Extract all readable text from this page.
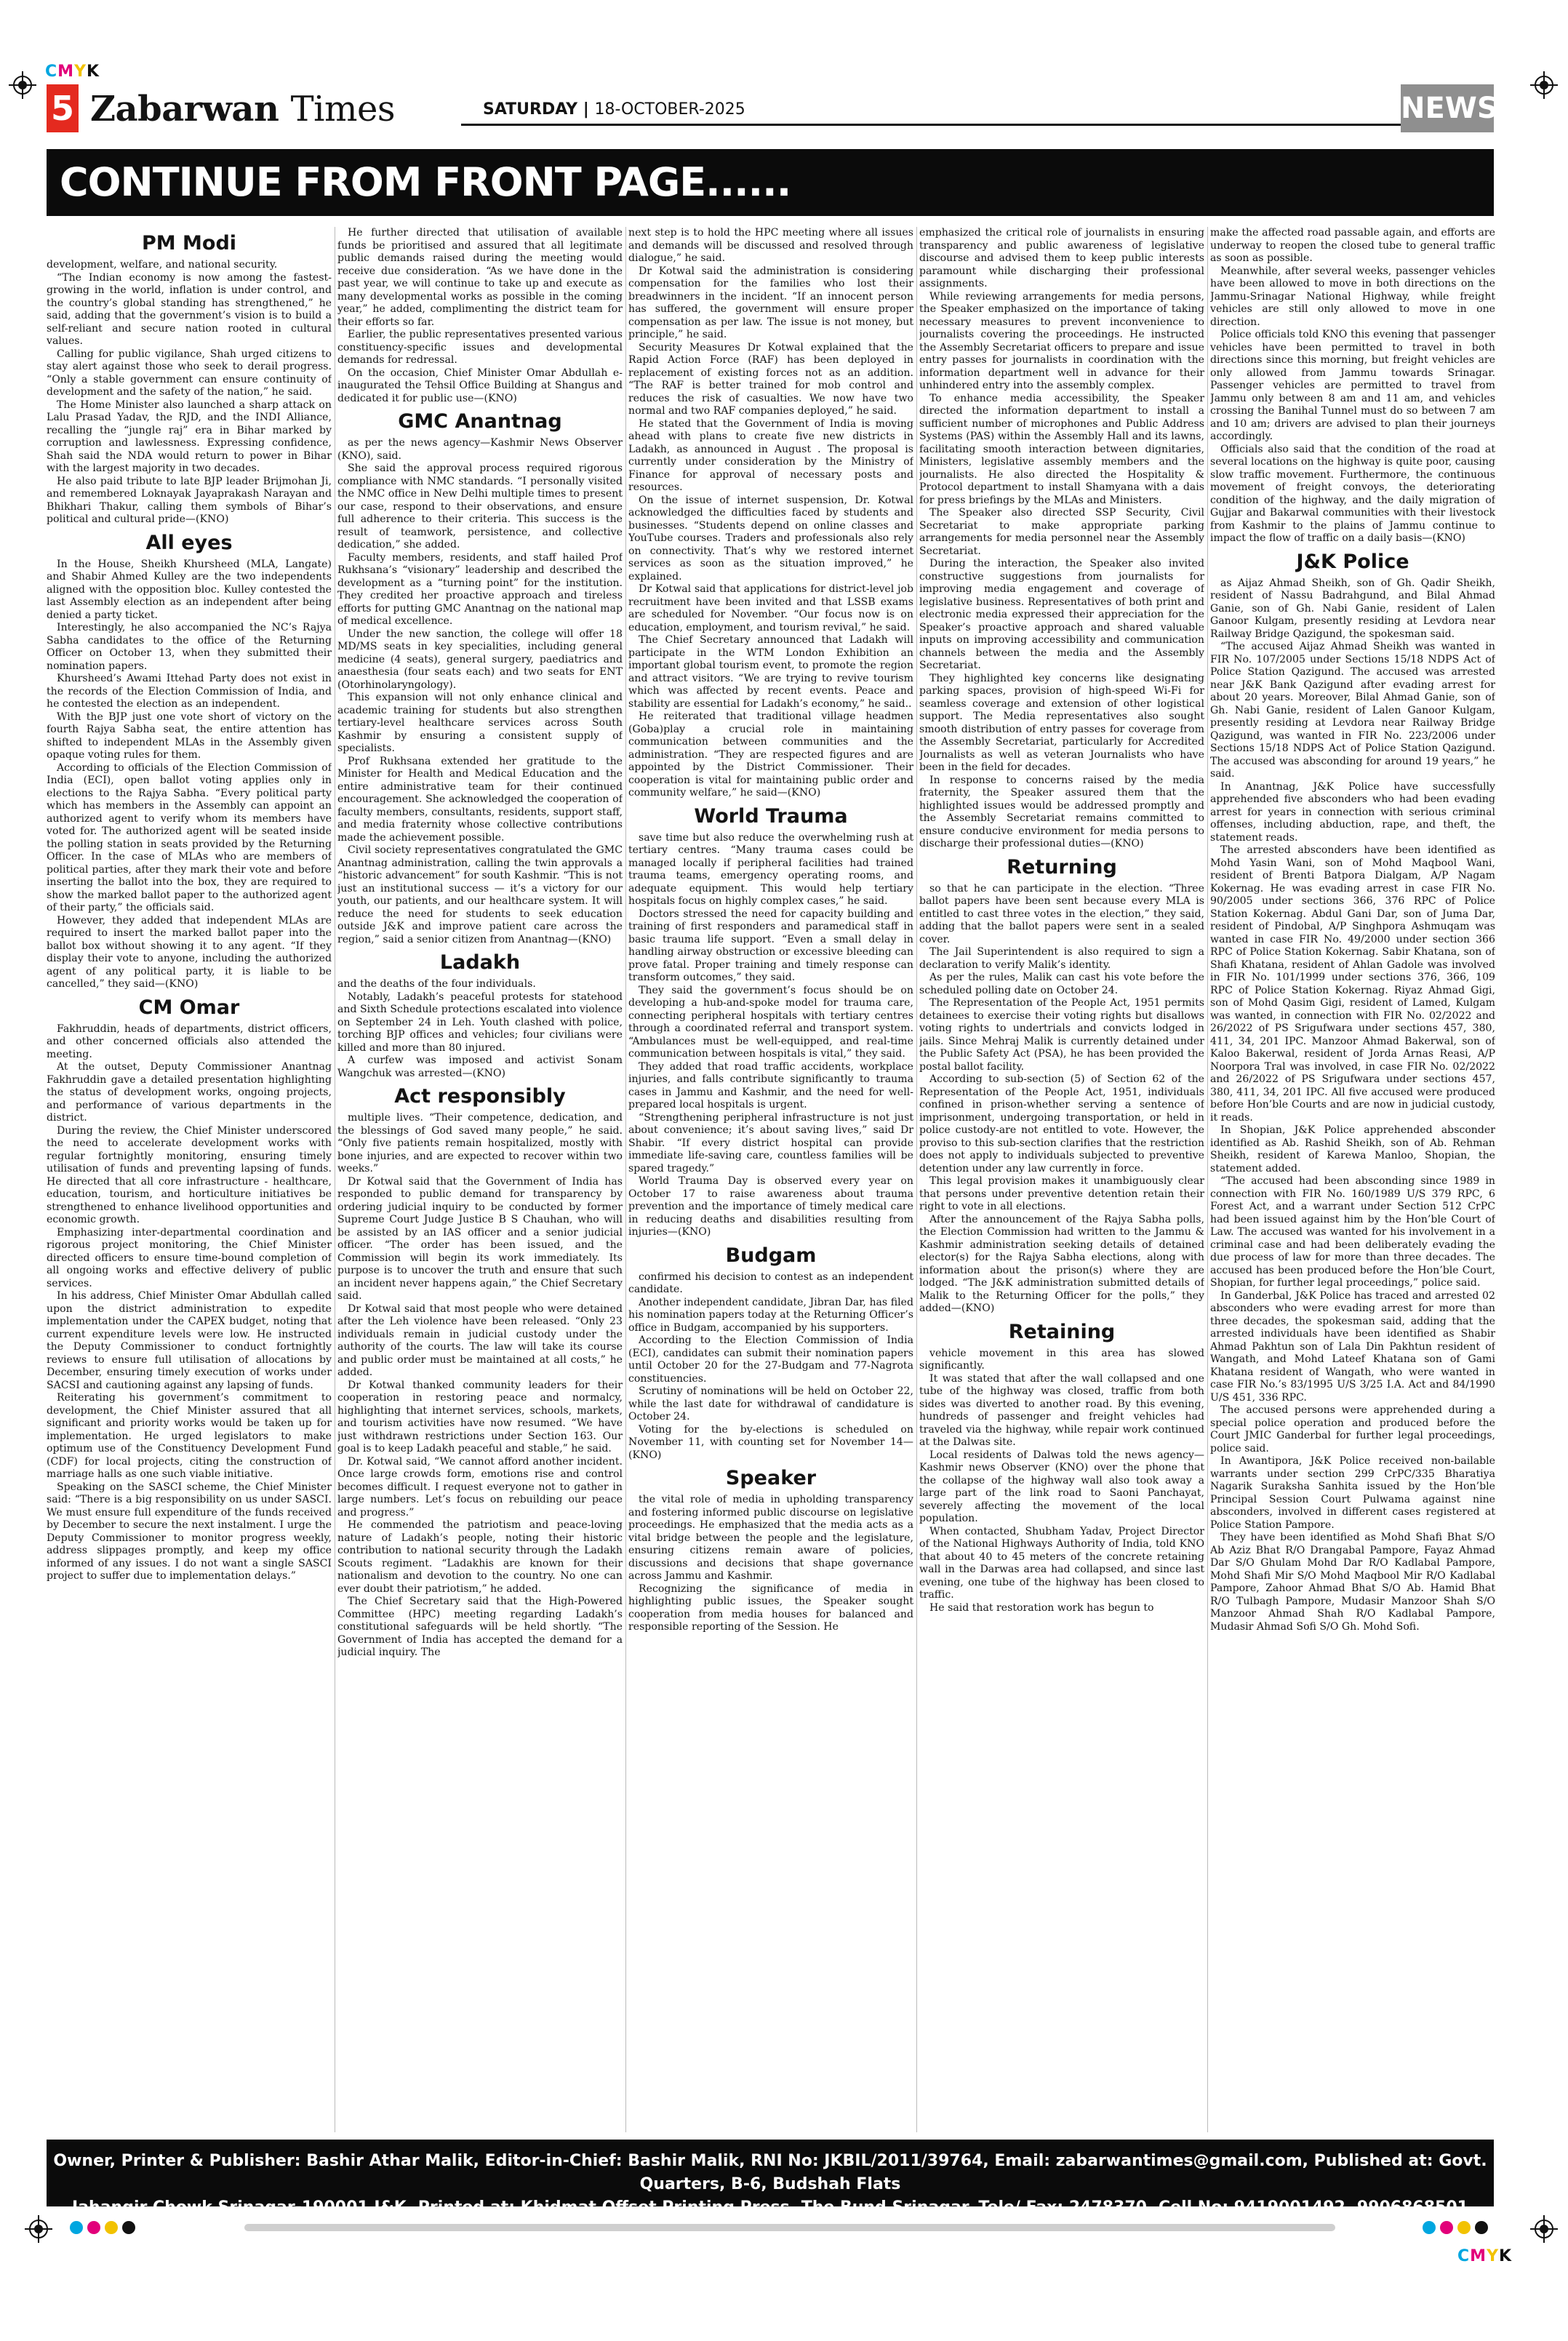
CMYK
5 Zabarwan Times	SATURDAY | 18-OCTOBER-2025	NEWS
CONTINUE FROM FRONT PAGE......
PM Modi

development, welfare, and national security.

“The Indian economy is now among the fastest-growing in the world, inflation is under control, and the country’s global standing has strengthened,” he said, adding that the government’s vision is to build a self-reliant and secure nation rooted in cultural values.

Calling for public vigilance, Shah urged citizens to stay alert against those who seek to derail progress. “Only a stable government can ensure continuity of development and the safety of the nation,” he said.

The Home Minister also launched a sharp attack on Lalu Prasad Yadav, the RJD, and the INDI Alliance, recalling the “jungle raj” era in Bihar marked by corruption and lawlessness. Expressing confidence, Shah said the NDA would return to power in Bihar with the largest majority in two decades.

He also paid tribute to late BJP leader Brijmohan Ji, and remembered Loknayak Jayaprakash Narayan and Bhikhari Thakur, calling them symbols of Bihar’s political and cultural pride—(KNO)

All eyes

In the House, Sheikh Khursheed (MLA, Langate) and Shabir Ahmed Kulley are the two independents aligned with the opposition bloc. Kulley contested the last Assembly election as an independent after being denied a party ticket.

Interestingly, he also accompanied the NC’s Rajya Sabha candidates to the office of the Returning Officer on October 13, when they submitted their nomination papers.

Khursheed’s Awami Ittehad Party does not exist in the records of the Election Commission of India, and he contested the election as an independent.

With the BJP just one vote short of victory on the fourth Rajya Sabha seat, the entire attention has shifted to independent MLAs in the Assembly given opaque voting rules for them.

According to officials of the Election Commission of India (ECI), open ballot voting applies only in elections to the Rajya Sabha. “Every political party which has members in the Assembly can appoint an authorized agent to verify whom its members have voted for. The authorized agent will be seated inside the polling station in seats provided by the Returning Officer. In the case of MLAs who are members of political parties, after they mark their vote and before inserting the ballot into the box, they are required to show the marked ballot paper to the authorized agent of their party,” the officials said.

However, they added that independent MLAs are required to insert the marked ballot paper into the ballot box without showing it to any agent. “If they display their vote to anyone, including the authorized agent of any political party, it is liable to be cancelled,” they said—(KNO)

CM Omar

Fakhruddin, heads of departments, district officers, and other concerned officials also attended the meeting.

At the outset, Deputy Commissioner Anantnag Fakhruddin gave a detailed presentation highlighting the status of development works, ongoing projects, and performance of various departments in the district.

During the review, the Chief Minister underscored the need to accelerate development works with regular fortnightly monitoring, ensuring timely utilisation of funds and preventing lapsing of funds. He directed that all core infrastructure - healthcare, education, tourism, and horticulture initiatives be strengthened to enhance livelihood opportunities and economic growth.

Emphasizing inter-departmental coordination and rigorous project monitoring, the Chief Minister directed officers to ensure time-bound completion of all ongoing works and effective delivery of public services.

In his address, Chief Minister Omar Abdullah called upon the district administration to expedite implementation under the CAPEX budget, noting that current expenditure levels were low. He instructed the Deputy Commissioner to conduct fortnightly reviews to ensure full utilisation of allocations by December, ensuring timely execution of works under SACSI and cautioning against any lapsing of funds.

Reiterating his government’s commitment to development, the Chief Minister assured that all significant and priority works would be taken up for implementation. He urged legislators to make optimum use of the Constituency Development Fund (CDF) for local projects, citing the construction of marriage halls as one such viable initiative.

Speaking on the SASCI scheme, the Chief Minister said: “There is a big responsibility on us under SASCI. We must ensure full expenditure of the funds received by December to secure the next instalment. I urge the Deputy Commissioner to monitor progress weekly, address slippages promptly, and keep my office informed of any issues. I do not want a single SASCI project to suffer due to implementation delays.”

He further directed that utilisation of available funds be prioritised and assured that all legitimate public demands raised during the meeting would receive due consideration. “As we have done in the past year, we will continue to take up and execute as many developmental works as possible in the coming year,” he added, complimenting the district team for their efforts so far.

Earlier, the public representatives presented various constituency-specific issues and developmental demands for redressal.

On the occasion, Chief Minister Omar Abdullah e-inaugurated the Tehsil Office Building at Shangus and dedicated it for public use—(KNO)

GMC Anantnag

as per the news agency—Kashmir News Observer (KNO), said.

She said the approval process required rigorous compliance with NMC standards. “I personally visited the NMC office in New Delhi multiple times to present our case, respond to their observations, and ensure full adherence to their criteria. This success is the result of teamwork, persistence, and collective dedication,” she added.

Faculty members, residents, and staff hailed Prof Rukhsana’s “visionary” leadership and described the development as a “turning point” for the institution. They credited her proactive approach and tireless efforts for putting GMC Anantnag on the national map of medical excellence.

Under the new sanction, the college will offer 18 MD/MS seats in key specialities, including general medicine (4 seats), general surgery, paediatrics and anaesthesia (four seats each) and two seats for ENT (Otorhinolaryngology).

This expansion will not only enhance clinical and academic training for students but also strengthen tertiary-level healthcare services across South Kashmir by ensuring a consistent supply of specialists.

Prof Rukhsana extended her gratitude to the Minister for Health and Medical Education and the entire administrative team for their continued encouragement. She acknowledged the cooperation of faculty members, consultants, residents, support staff, and media fraternity whose collective contributions made the achievement possible.

Civil society representatives congratulated the GMC Anantnag administration, calling the twin approvals a “historic advancement” for south Kashmir. “This is not just an institutional success — it’s a victory for our youth, our patients, and our healthcare system. It will reduce the need for students to seek education outside J&K and improve patient care across the region,” said a senior citizen from Anantnag—(KNO)

Ladakh

and the deaths of the four individuals.

Notably, Ladakh’s peaceful protests for statehood and Sixth Schedule protections escalated into violence on September 24 in Leh. Youth clashed with police, torching BJP offices and vehicles; four civilians were killed and more than 80 injured.

A curfew was imposed and activist Sonam Wangchuk was arrested—(KNO)

Act responsibly

multiple lives. “Their competence, dedication, and the blessings of God saved many people,” he said. “Only five patients remain hospitalized, mostly with bone injuries, and are expected to recover within two weeks.”

Dr Kotwal said that the Government of India has responded to public demand for transparency by ordering judicial inquiry to be conducted by former Supreme Court Judge Justice B S Chauhan, who will be assisted by an IAS officer and a senior judicial officer. “The order has been issued, and the Commission will begin its work immediately. Its purpose is to uncover the truth and ensure that such an incident never happens again,” the Chief Secretary said.

Dr Kotwal said that most people who were detained after the Leh violence have been released. “Only 23 individuals remain in judicial custody under the authority of the courts. The law will take its course and public order must be maintained at all costs,” he added.

Dr Kotwal thanked community leaders for their cooperation in restoring peace and normalcy, highlighting that internet services, schools, markets, and tourism activities have now resumed. “We have just withdrawn restrictions under Section 163. Our goal is to keep Ladakh peaceful and stable,” he said.

Dr. Kotwal said, “We cannot afford another incident. Once large crowds form, emotions rise and control becomes difficult. I request everyone not to gather in large numbers. Let’s focus on rebuilding our peace and progress.”

He commended the patriotism and peace-loving nature of Ladakh’s people, noting their historic contribution to national security through the Ladakh Scouts regiment. “Ladakhis are known for their nationalism and devotion to the country. No one can ever doubt their patriotism,” he added.

The Chief Secretary said that the High-Powered Committee (HPC) meeting regarding Ladakh’s constitutional safeguards will be held shortly. “The Government of India has accepted the demand for a judicial inquiry. The

next step is to hold the HPC meeting where all issues and demands will be discussed and resolved through dialogue,” he said.

Dr Kotwal said the administration is considering compensation for the families who lost their breadwinners in the incident. “If an innocent person has suffered, the government will ensure proper compensation as per law. The issue is not money, but principle,” he said.

Security Measures Dr Kotwal explained that the Rapid Action Force (RAF) has been deployed in replacement of existing forces not as an addition. “The RAF is better trained for mob control and reduces the risk of casualties. We now have two normal and two RAF companies deployed,” he said.

He stated that the Government of India is moving ahead with plans to create five new districts in Ladakh, as announced in August . The proposal is currently under consideration by the Ministry of Finance for approval of necessary posts and resources.

On the issue of internet suspension, Dr. Kotwal acknowledged the difficulties faced by students and businesses. “Students depend on online classes and YouTube courses. Traders and professionals also rely on connectivity. That’s why we restored internet services as soon as the situation improved,” he explained.

Dr Kotwal said that applications for district-level job recruitment have been invited and that LSSB exams are scheduled for November. “Our focus now is on education, employment, and tourism revival,” he said.

The Chief Secretary announced that Ladakh will participate in the WTM London Exhibition an important global tourism event, to promote the region and attract visitors. “We are trying to revive tourism which was affected by recent events. Peace and stability are essential for Ladakh’s economy,” he said..

He reiterated that traditional village headmen (Goba)play a crucial role in maintaining communication between communities and the administration. “They are respected figures and are appointed by the District Commissioner. Their cooperation is vital for maintaining public order and community welfare,” he said—(KNO)

World Trauma

save time but also reduce the overwhelming rush at tertiary centres. “Many trauma cases could be managed locally if peripheral facilities had trained trauma teams, emergency operating rooms, and adequate equipment. This would help tertiary hospitals focus on highly complex cases,” he said.

Doctors stressed the need for capacity building and training of first responders and paramedical staff in basic trauma life support. “Even a small delay in handling airway obstruction or excessive bleeding can prove fatal. Proper training and timely response can transform outcomes,” they said.

They said the government’s focus should be on developing a hub-and-spoke model for trauma care, connecting peripheral hospitals with tertiary centres through a coordinated referral and transport system. “Ambulances must be well-equipped, and real-time communication between hospitals is vital,” they said.

They added that road traffic accidents, workplace injuries, and falls contribute significantly to trauma cases in Jammu and Kashmir, and the need for well-prepared local hospitals is urgent.

“Strengthening peripheral infrastructure is not just about convenience; it’s about saving lives,” said Dr Shabir. “If every district hospital can provide immediate life-saving care, countless families will be spared tragedy.”

World Trauma Day is observed every year on October 17 to raise awareness about trauma prevention and the importance of timely medical care in reducing deaths and disabilities resulting from injuries—(KNO)

Budgam

confirmed his decision to contest as an independent candidate.

Another independent candidate, Jibran Dar, has filed his nomination papers today at the Returning Officer’s office in Budgam, accompanied by his supporters.

According to the Election Commission of India (ECI), candidates can submit their nomination papers until October 20 for the 27-Budgam and 77-Nagrota constituencies.

Scrutiny of nominations will be held on October 22, while the last date for withdrawal of candidature is October 24.

Voting for the by-elections is scheduled on November 11, with counting set for November 14—(KNO)

Speaker

the vital role of media in upholding transparency and fostering informed public discourse on legislative proceedings. He emphasized that the media acts as a vital bridge between the people and the legislature, ensuring citizens remain aware of policies, discussions and decisions that shape governance across Jammu and Kashmir.

Recognizing the significance of media in highlighting public issues, the Speaker sought cooperation from media houses for balanced and responsible reporting of the Session. He

emphasized the critical role of journalists in ensuring transparency and public awareness of legislative discourse and advised them to keep public interests paramount while discharging their professional assignments.

While reviewing arrangements for media persons, the Speaker emphasized on the importance of taking necessary measures to prevent inconvenience to journalists covering the proceedings. He instructed the Assembly Secretariat officers to prepare and issue entry passes for journalists in coordination with the information department well in advance for their unhindered entry into the assembly complex.

To enhance media accessibility, the Speaker directed the information department to install a sufficient number of microphones and Public Address Systems (PAS) within the Assembly Hall and its lawns, facilitating smooth interaction between dignitaries, Ministers, legislative assembly members and the journalists. He also directed the Hospitality & Protocol department to install Shamyana with a dais for press briefings by the MLAs and Ministers.

The Speaker also directed SSP Security, Civil Secretariat to make appropriate parking arrangements for media personnel near the Assembly Secretariat.

During the interaction, the Speaker also invited constructive suggestions from journalists for improving media engagement and coverage of legislative business. Representatives of both print and electronic media expressed their appreciation for the Speaker’s proactive approach and shared valuable inputs on improving accessibility and communication channels between the media and the Assembly Secretariat.

They highlighted key concerns like designating parking spaces, provision of high-speed Wi-Fi for seamless coverage and extension of other logistical support. The Media representatives also sought smooth distribution of entry passes for coverage from the Assembly Secretariat, particularly for Accredited Journalists as well as veteran Journalists who have been in the field for decades.

In response to concerns raised by the media fraternity, the Speaker assured them that the highlighted issues would be addressed promptly and the Assembly Secretariat remains committed to ensure conducive environment for media persons to discharge their professional duties—(KNO)

Returning

so that he can participate in the election. “Three ballot papers have been sent because every MLA is entitled to cast three votes in the election,” they said, adding that the ballot papers were sent in a sealed cover.

The Jail Superintendent is also required to sign a declaration to verify Malik’s identity.

As per the rules, Malik can cast his vote before the scheduled polling date on October 24.

The Representation of the People Act, 1951 permits detainees to exercise their voting rights but disallows voting rights to undertrials and convicts lodged in jails. Since Mehraj Malik is currently detained under the Public Safety Act (PSA), he has been provided the postal ballot facility.

According to sub-section (5) of Section 62 of the Representation of the People Act, 1951, individuals confined in prison-whether serving a sentence of imprisonment, undergoing transportation, or held in police custody-are not entitled to vote. However, the proviso to this sub-section clarifies that the restriction does not apply to individuals subjected to preventive detention under any law currently in force.

This legal provision makes it unambiguously clear that persons under preventive detention retain their right to vote in all elections.

After the announcement of the Rajya Sabha polls, the Election Commission had written to the Jammu & Kashmir administration seeking details of detained elector(s) for the Rajya Sabha elections, along with information about the prison(s) where they are lodged. “The J&K administration submitted details of Malik to the Returning Officer for the polls,” they added—(KNO)

Retaining

vehicle movement in this area has slowed significantly.

It was stated that after the wall collapsed and one tube of the highway was closed, traffic from both sides was diverted to another road. By this evening, hundreds of passenger and freight vehicles had traveled via the highway, while repair work continued at the Dalwas site.

Local residents of Dalwas told the news agency—Kashmir news Observer (KNO) over the phone that the collapse of the highway wall also took away a large part of the link road to Saoni Panchayat, severely affecting the movement of the local population.

When contacted, Shubham Yadav, Project Director of the National Highways Authority of India, told KNO that about 40 to 45 meters of the concrete retaining wall in the Darwas area had collapsed, and since last evening, one tube of the highway has been closed to traffic.

He said that restoration work has begun to

make the affected road passable again, and efforts are underway to reopen the closed tube to general traffic as soon as possible.

Meanwhile, after several weeks, passenger vehicles have been allowed to move in both directions on the Jammu-Srinagar National Highway, while freight vehicles are still only allowed to move in one direction.

Police officials told KNO this evening that passenger vehicles have been permitted to travel in both directions since this morning, but freight vehicles are only allowed from Jammu towards Srinagar. Passenger vehicles are permitted to travel from Jammu only between 8 am and 11 am, and vehicles crossing the Banihal Tunnel must do so between 7 am and 10 am; drivers are advised to plan their journeys accordingly.

Officials also said that the condition of the road at several locations on the highway is quite poor, causing slow traffic movement. Furthermore, the continuous movement of freight convoys, the deteriorating condition of the highway, and the daily migration of Gujjar and Bakarwal communities with their livestock from Kashmir to the plains of Jammu continue to impact the flow of traffic on a daily basis—(KNO)

J&K Police

as Aijaz Ahmad Sheikh, son of Gh. Qadir Sheikh, resident of Nassu Badrahgund, and Bilal Ahmad Ganie, son of Gh. Nabi Ganie, resident of Lalen Ganoor Kulgam, presently residing at Levdora near Railway Bridge Qazigund, the spokesman said.

“The accused Aijaz Ahmad Sheikh was wanted in FIR No. 107/2005 under Sections 15/18 NDPS Act of Police Station Qazigund. The accused was arrested near J&K Bank Qazigund after evading arrest for about 20 years. Moreover, Bilal Ahmad Ganie, son of Gh. Nabi Ganie, resident of Lalen Ganoor Kulgam, presently residing at Levdora near Railway Bridge Qazigund, was wanted in FIR No. 223/2006 under Sections 15/18 NDPS Act of Police Station Qazigund. The accused was absconding for around 19 years,” he said.

In Anantnag, J&K Police have successfully apprehended five absconders who had been evading arrest for years in connection with serious criminal offenses, including abduction, rape, and theft, the statement reads.

The arrested absconders have been identified as Mohd Yasin Wani, son of Mohd Maqbool Wani, resident of Brenti Batpora Dialgam, A/P Nagam Kokernag. He was evading arrest in case FIR No. 90/2005 under sections 366, 376 RPC of Police Station Kokernag. Abdul Gani Dar, son of Juma Dar, resident of Pindobal, A/P Singhpora Ashmuqam was wanted in case FIR No. 49/2000 under section 366 RPC of Police Station Kokernag. Sabir Khatana, son of Shafi Khatana, resident of Ahlan Gadole was involved in FIR No. 101/1999 under sections 376, 366, 109 RPC of Police Station Kokernag. Riyaz Ahmad Gigi, son of Mohd Qasim Gigi, resident of Lamed, Kulgam was wanted, in connection with FIR No. 02/2022 and 26/2022 of PS Srigufwara under sections 457, 380, 411, 34, 201 IPC. Manzoor Ahmad Bakerwal, son of Kaloo Bakerwal, resident of Jorda Arnas Reasi, A/P Noorpora Tral was involved, in case FIR No. 02/2022 and 26/2022 of PS Srigufwara under sections 457, 380, 411, 34, 201 IPC. All five accused were produced before Hon’ble Courts and are now in judicial custody, it reads.

In Shopian, J&K Police apprehended absconder identified as Ab. Rashid Sheikh, son of Ab. Rehman Sheikh, resident of Karewa Manloo, Shopian, the statement added.

“The accused had been absconding since 1989 in connection with FIR No. 160/1989 U/S 379 RPC, 6 Forest Act, and a warrant under Section 512 CrPC had been issued against him by the Hon’ble Court of Law. The accused was wanted for his involvement in a criminal case and had been deliberately evading the due process of law for more than three decades. The accused has been produced before the Hon’ble Court, Shopian, for further legal proceedings,” police said.

In Ganderbal, J&K Police has traced and arrested 02 absconders who were evading arrest for more than three decades, the spokesman said, adding that the arrested individuals have been identified as Shabir Ahmad Pakhtun son of Lala Din Pakhtun resident of Wangath, and Mohd Lateef Khatana son of Gami Khatana resident of Wangath, who were wanted in case FIR No.’s 83/1995 U/S 3/25 I.A. Act and 84/1990 U/S 451, 336 RPC.

The accused persons were apprehended during a special police operation and produced before the Court JMIC Ganderbal for further legal proceedings, police said.

In Awantipora, J&K Police received non-bailable warrants under section 299 CrPC/335 Bharatiya Nagarik Suraksha Sanhita issued by the Hon’ble Principal Session Court Pulwama against nine absconders, involved in different cases registered at Police Station Pampore.

They have been identified as Mohd Shafi Bhat S/O Ab Aziz Bhat R/O Drangabal Pampore, Fayaz Ahmad Dar S/O Ghulam Mohd Dar R/O Kadlabal Pampore, Mohd Shafi Mir S/O Mohd Maqbool Mir R/O Kadlabal Pampore, Zahoor Ahmad Bhat S/O Ab. Hamid Bhat R/O Tulbagh Pampore, Mudasir Manzoor Shah S/O Manzoor Ahmad Shah R/O Kadlabal Pampore, Mudasir Ahmad Sofi S/O Gh. Mohd Sofi.

Owner, Printer & Publisher: Bashir Athar Malik, Editor-in-Chief: Bashir Malik, RNI No: JKBIL/2011/39764, Email: zabarwantimes@gmail.com, Published at: Govt. Quarters, B-6, Budshah Flats
Jahangir Chowk Srinagar-190001 J&K, Printed at: Khidmat Offset Printing Press, The Bund Srinagar, Tele/ Fax: 2478370, Cell No: 9419001492, 9906868501
CMYK
